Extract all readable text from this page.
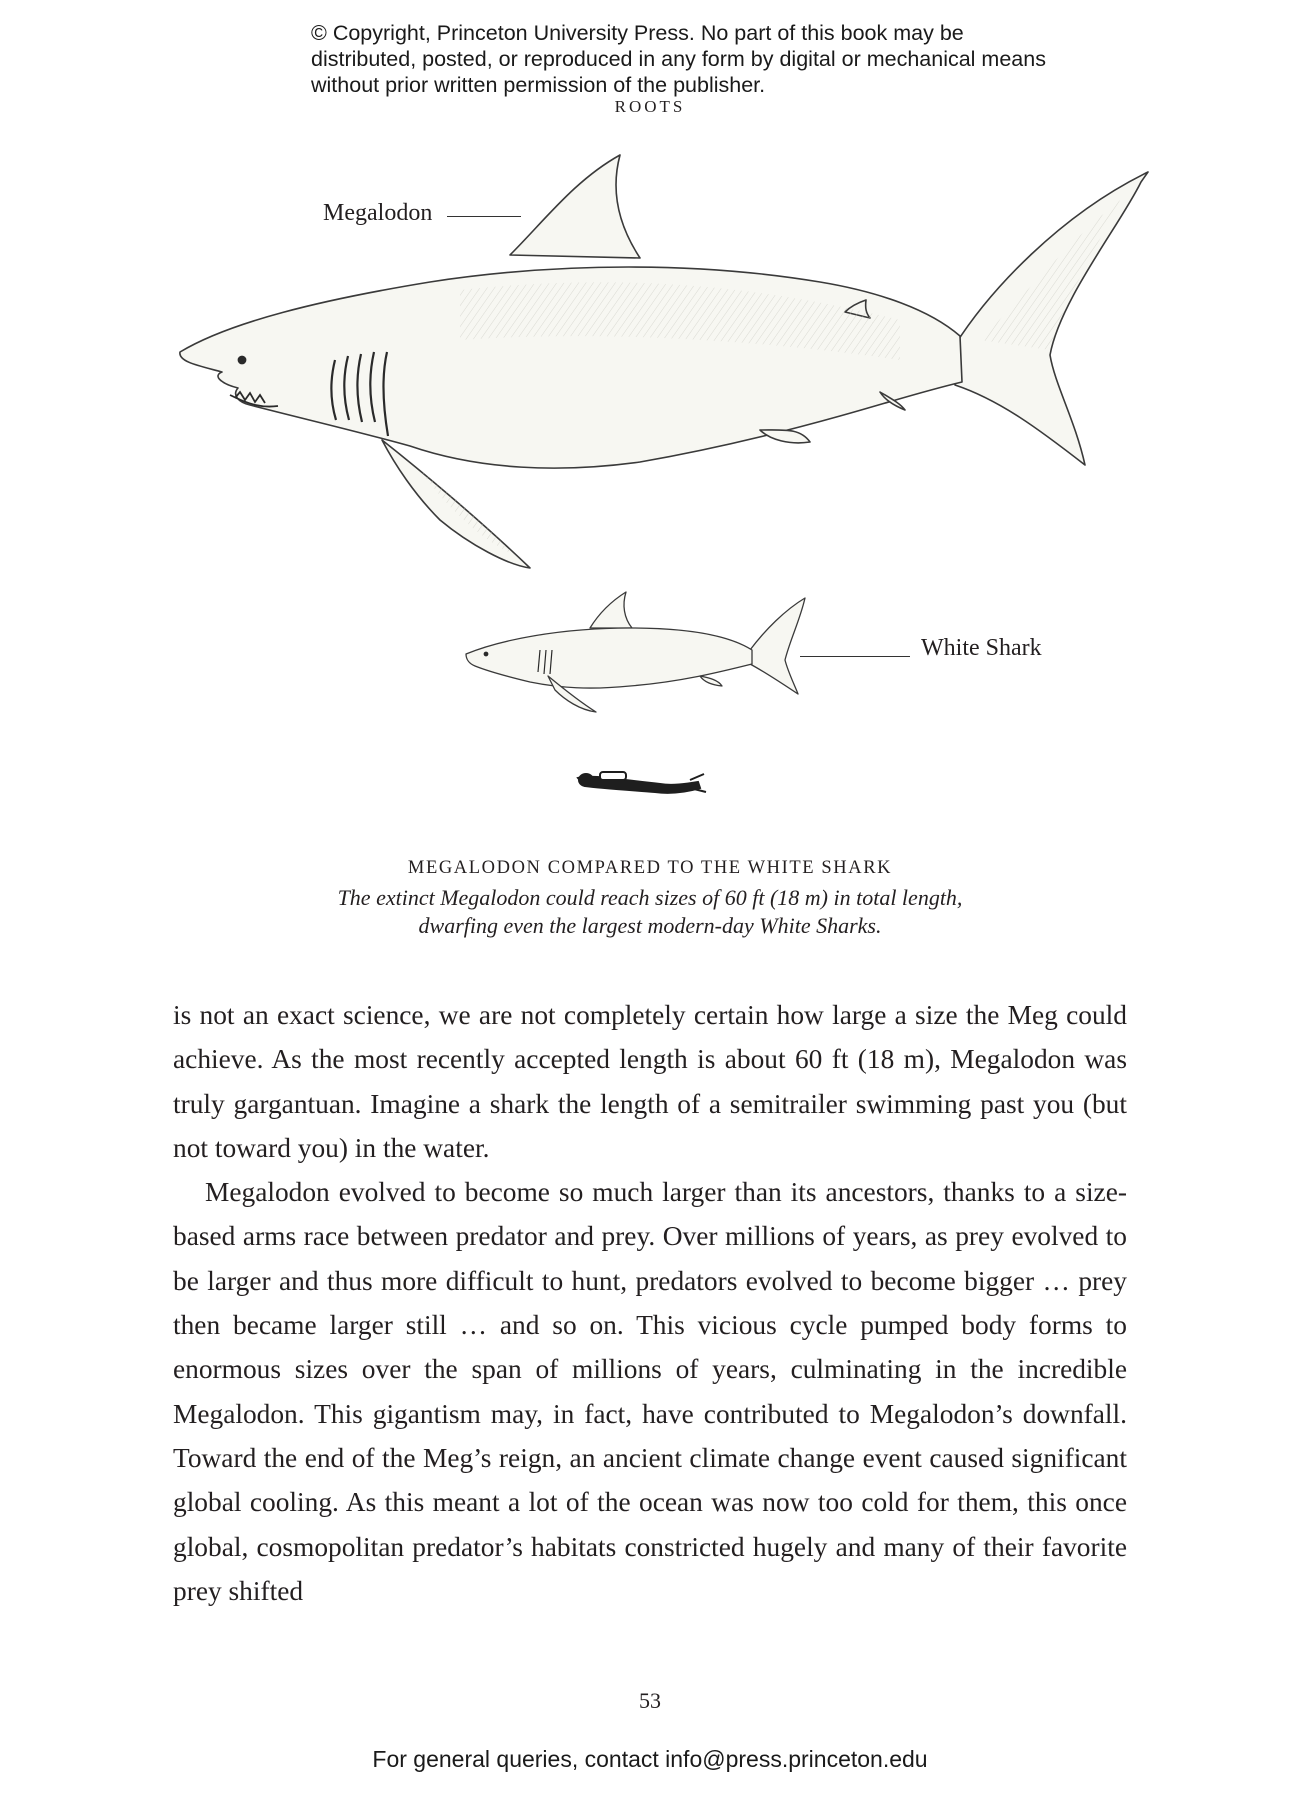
© Copyright, Princeton University Press. No part of this book may be distributed, posted, or reproduced in any form by digital or mechanical means without prior written permission of the publisher.

ROOTS
Megalodon
White Shark
MEGALODON COMPARED TO THE WHITE SHARK
The extinct Megalodon could reach sizes of 60 ft (18 m) in total length,
dwarfing even the largest modern-day White Sharks.

is not an exact science, we are not completely certain how large a size the Meg could achieve. As the most recently accepted length is about 60 ft (18 m), Megalodon was truly gargantuan. Imagine a shark the length of a semitrailer swimming past you (but not toward you) in the water.

Megalodon evolved to become so much larger than its ancestors, thanks to a size-based arms race between predator and prey. Over millions of years, as prey evolved to be larger and thus more difficult to hunt, predators evolved to become bigger … prey then became larger still … and so on. This vicious cycle pumped body forms to enormous sizes over the span of millions of years, culminating in the incredible Megalodon. This gigantism may, in fact, have contributed to Megalodon’s downfall. Toward the end of the Meg’s reign, an ancient climate change event caused significant global cooling. As this meant a lot of the ocean was now too cold for them, this once global, cosmopolitan predator’s habitats constricted hugely and many of their favorite prey shifted

53
For general queries, contact info@press.princeton.edu
